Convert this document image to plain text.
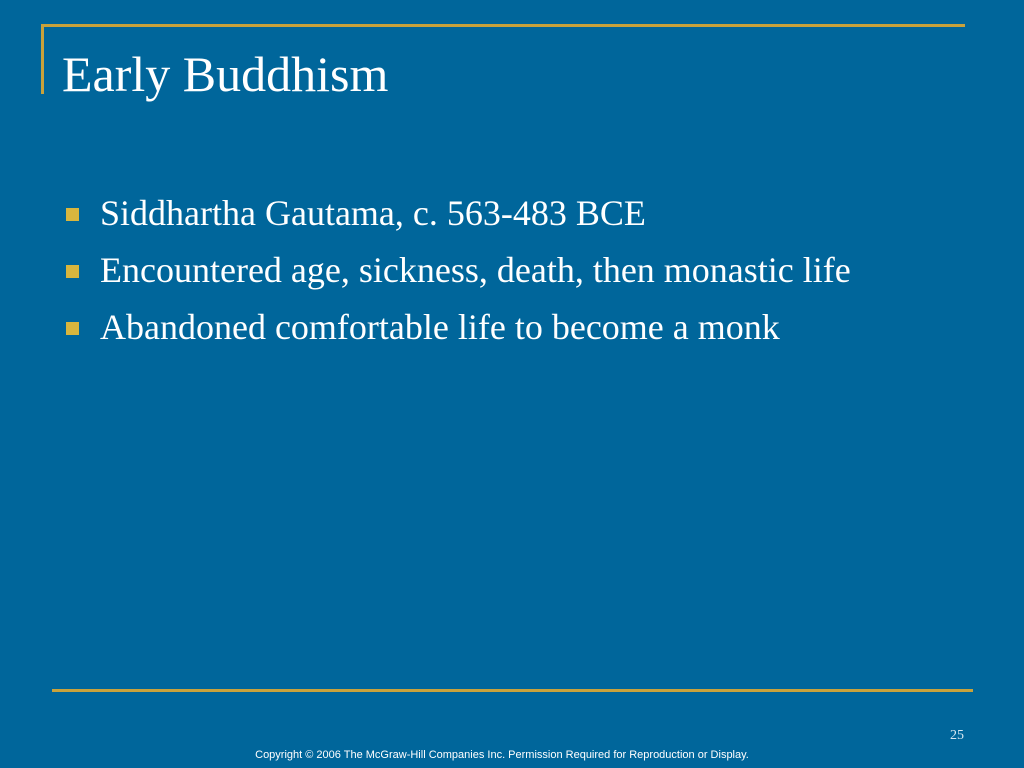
Early Buddhism
Siddhartha Gautama, c. 563-483 BCE
Encountered age, sickness, death, then monastic life
Abandoned comfortable life to become a monk
25
Copyright © 2006 The McGraw-Hill Companies Inc. Permission Required for Reproduction or Display.
